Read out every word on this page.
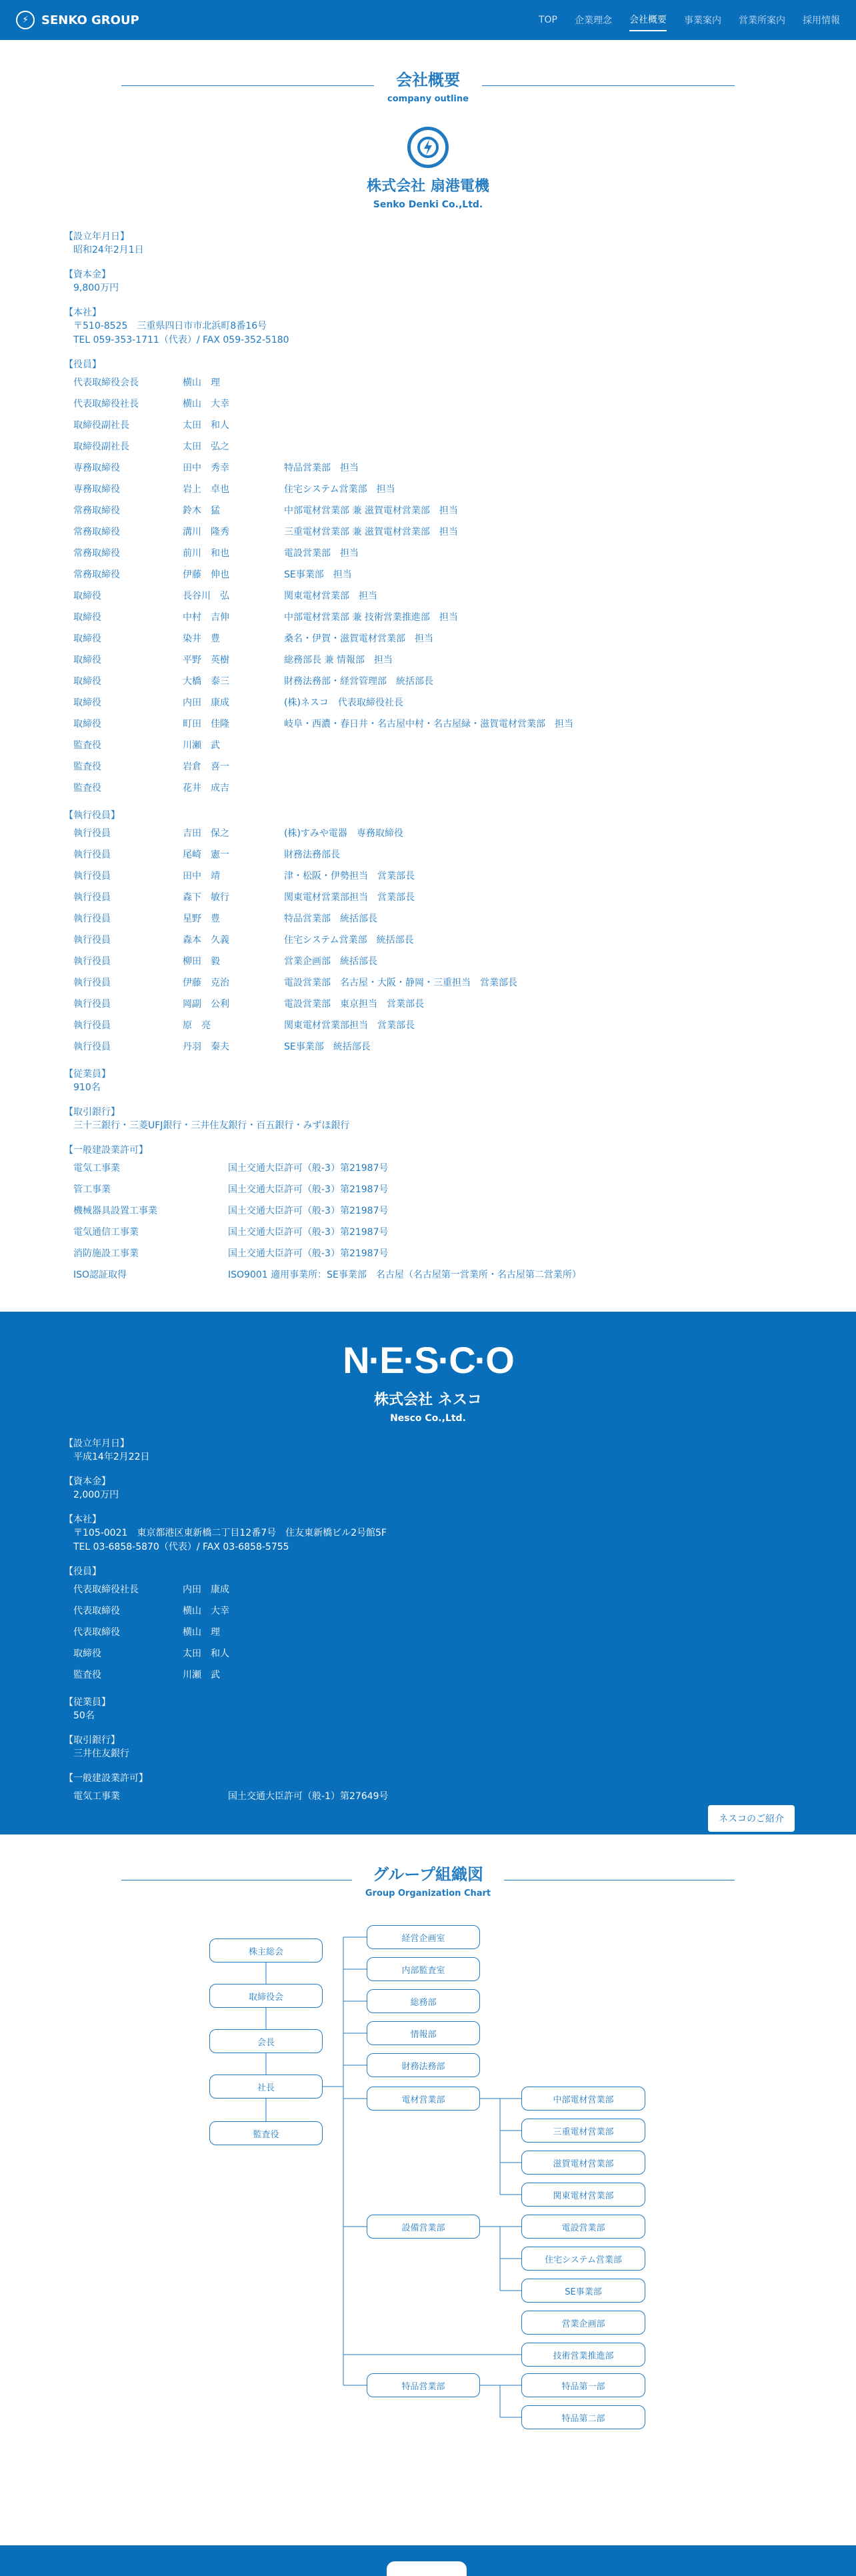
⚡	SENKO GROUP	TOP 企業理念 会社概要 事業案内 営業所案内 採用情報
会社概要
company outline
株式会社 扇港電機
Senko Denki Co.,Ltd.
【設立年月日】
昭和24年2月1日
【資本金】
9,800万円
【本社】
〒510-8525　三重県四日市市北浜町8番16号
TEL 059-353-1711（代表）/ FAX 059-352-5180
【役員】
代表取締役会長	横山　理
代表取締役社長	横山　大幸
取締役副社長	太田　和人
取締役副社長	太田　弘之
専務取締役	田中　秀幸	特品営業部　担当
専務取締役	岩上　卓也	住宅システム営業部　担当
常務取締役	鈴木　猛	中部電材営業部 兼 滋賀電材営業部　担当
常務取締役	溝川　隆秀	三重電材営業部 兼 滋賀電材営業部　担当
常務取締役	前川　和也	電設営業部　担当
常務取締役	伊藤　伸也	SE事業部　担当
取締役	長谷川　弘	関東電材営業部　担当
取締役	中村　吉伸	中部電材営業部 兼 技術営業推進部　担当
取締役	染井　豊	桑名・伊賀・滋賀電材営業部　担当
取締役	平野　英樹	総務部長 兼 情報部　担当
取締役	大橋　泰三	財務法務部・経営管理部　統括部長
取締役	内田　康成	(株)ネスコ　代表取締役社長
取締役	町田　佳隆	岐阜・西濃・春日井・名古屋中村・名古屋緑・滋賀電材営業部　担当
監査役	川瀬　武
監査役	岩倉　喜一
監査役	花井　成吉
【執行役員】
執行役員	吉田　保之	(株)すみや電器　専務取締役
執行役員	尾崎　憲一	財務法務部長
執行役員	田中　靖	津・松阪・伊勢担当　営業部長
執行役員	森下　敏行	関東電材営業部担当　営業部長
執行役員	星野　豊	特品営業部　統括部長
執行役員	森本　久義	住宅システム営業部　統括部長
執行役員	柳田　毅	営業企画部　統括部長
執行役員	伊藤　克治	電設営業部　名古屋・大阪・静岡・三重担当　営業部長
執行役員	岡副　公利	電設営業部　東京担当　営業部長
執行役員	原　亮	関東電材営業部担当　営業部長
執行役員	丹羽　秦夫	SE事業部　統括部長
【従業員】
910名
【取引銀行】
三十三銀行・三菱UFJ銀行・三井住友銀行・百五銀行・みずほ銀行
【一般建設業許可】
電気工事業	国土交通大臣許可（般-3）第21987号
管工事業	国土交通大臣許可（般-3）第21987号
機械器具設置工事業	国土交通大臣許可（般-3）第21987号
電気通信工事業	国土交通大臣許可（般-3）第21987号
消防施設工事業	国土交通大臣許可（般-3）第21987号
ISO認証取得	ISO9001 適用事業所：SE事業部　名古屋（名古屋第一営業所・名古屋第二営業所）
N·E·S·C·O
株式会社 ネスコ
Nesco Co.,Ltd.
【設立年月日】
平成14年2月22日
【資本金】
2,000万円
【本社】
〒105-0021　東京都港区東新橋二丁目12番7号　住友東新橋ビル2号館5F
TEL 03-6858-5870（代表）/ FAX 03-6858-5755
【役員】
代表取締役社長	内田　康成
代表取締役	横山　大幸
代表取締役	横山　理
取締役	太田　和人
監査役	川瀬　武
【従業員】
50名
【取引銀行】
三井住友銀行
【一般建設業許可】
電気工事業	国土交通大臣許可（般-1）第27649号
ネスコのご紹介
グループ組織図
Group Organization Chart
株主総会
取締役会
会長
社長
監査役
経営企画室
内部監査室
総務部
情報部
財務法務部
電材営業部
設備営業部
特品営業部
中部電材営業部
三重電材営業部
滋賀電材営業部
関東電材営業部
電設営業部
住宅システム営業部
SE事業部
営業企画部
技術営業推進部
特品第一部
特品第二部
